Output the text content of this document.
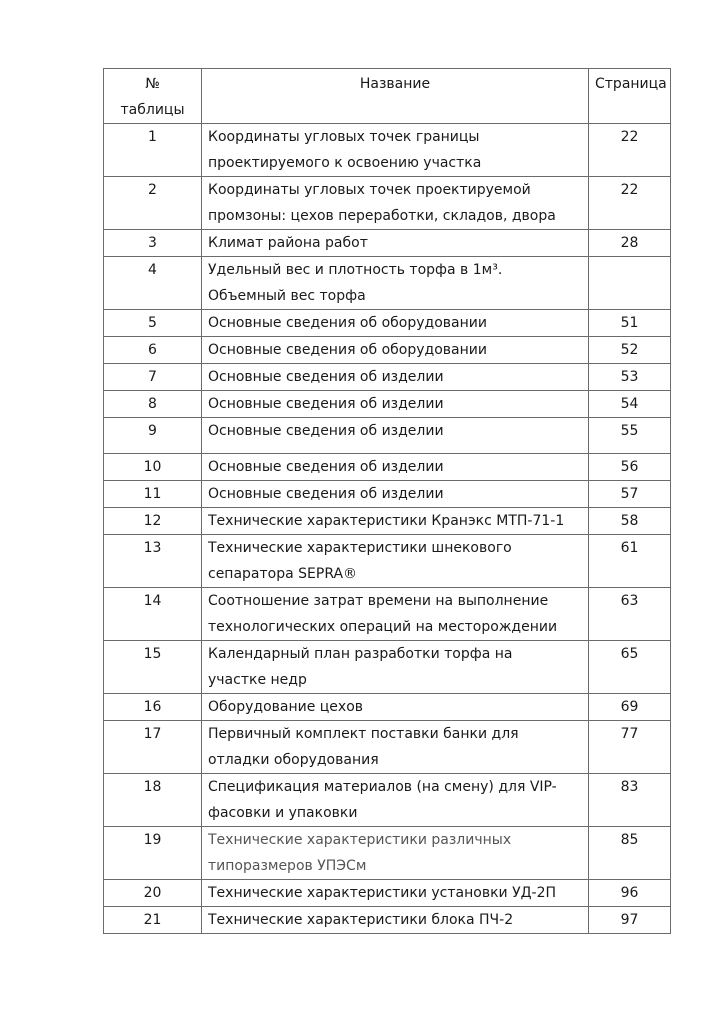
№
таблицы	Название	Страница
1	Координаты угловых точек границы
проектируемого к освоению участка	22
2	Координаты угловых точек проектируемой
промзоны: цехов переработки, складов, двора	22
3	Климат района работ	28
4	Удельный вес и плотность торфа в 1м³.
Объемный вес торфа	

5	Основные сведения об оборудовании	51
6	Основные сведения об оборудовании	52
7	Основные сведения об изделии	53
8	Основные сведения об изделии	54
9	Основные сведения об изделии	55
10	Основные сведения об изделии	56
11	Основные сведения об изделии	57
12	Технические характеристики Кранэкс МТП-71-1	58
13	Технические характеристики шнекового
сепаратора SEPRA®	61
14	Соотношение затрат времени на выполнение
технологических операций на месторождении	63
15	Календарный план разработки торфа на
участке недр	65
16	Оборудование цехов	69
17	Первичный комплект поставки банки для
отладки оборудования	77
18	Спецификация материалов (на смену) для VIP-
фасовки и упаковки	83
19	Технические характеристики различных
типоразмеров УПЭСм	85
20	Технические характеристики установки УД-2П	96
21	Технические характеристики блока ПЧ-2	97
